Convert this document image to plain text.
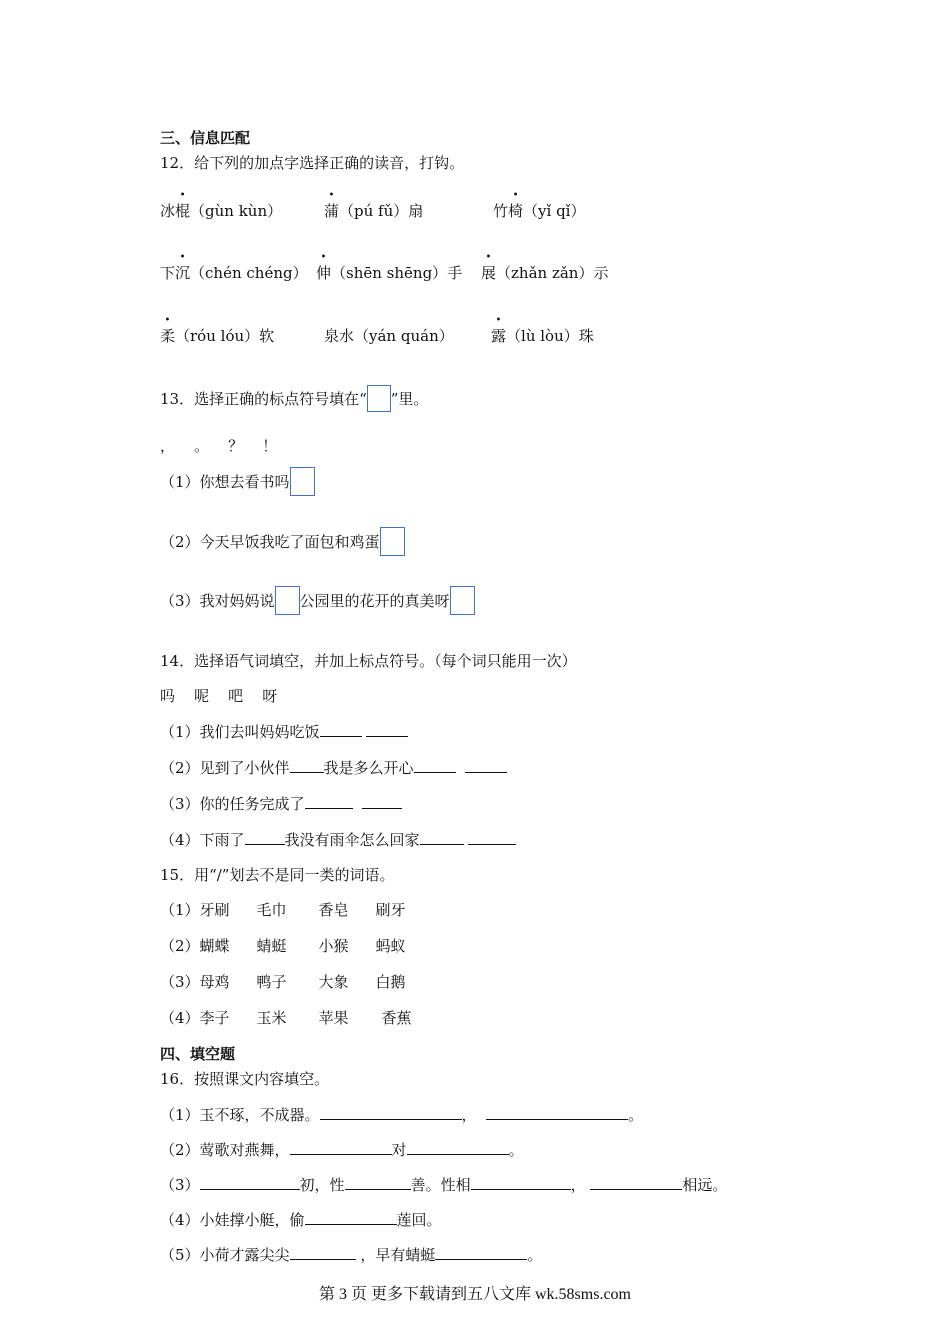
三、信息匹配
12．给下列的加点字选择正确的读音，打钩。
冰棍（gùn kùn）	蒲（pú fǔ）扇	竹椅（yǐ qǐ）
下沉（chén chéng） 伸（shēn shēng）手 展（zhǎn zǎn）示
柔（róu lóu）软	泉水（yán quán） 露（lù lòu）珠
13．选择正确的标点符号填在“ ”里。
，    。    ？    ！
（1）你想去看书吗
（2）今天早饭我吃了面包和鸡蛋
（3）我对妈妈说 公园里的花开的真美呀
14．选择语气词填空，并加上标点符号。（每个词只能用一次）
吗    呢    吧    呀
（1）我们去叫妈妈吃饭
（2）见到了小伙伴 我是多么开心
（3）你的任务完成了
（4）下雨了	我没有雨伞怎么回家
15．用“/”划去不是同一类的词语。
（1）牙刷 毛巾 香皂 刷牙
（2）蝴蝶 蜻蜓 小猴 蚂蚁
（3）母鸡 鸭子 大象 白鹅
（4）李子 玉米 苹果 香蕉
四、填空题
16．按照课文内容填空。
（1）玉不琢，不成器。	，	。
（2）莺歌对燕舞，	对	。
（3）	初，性	善。性相	，	相远。
（4）小娃撑小艇，偷	莲回。
（5）小荷才露尖尖	，早有蜻蜓	。
第 3 页 更多下载请到五八文库 wk.58sms.com
